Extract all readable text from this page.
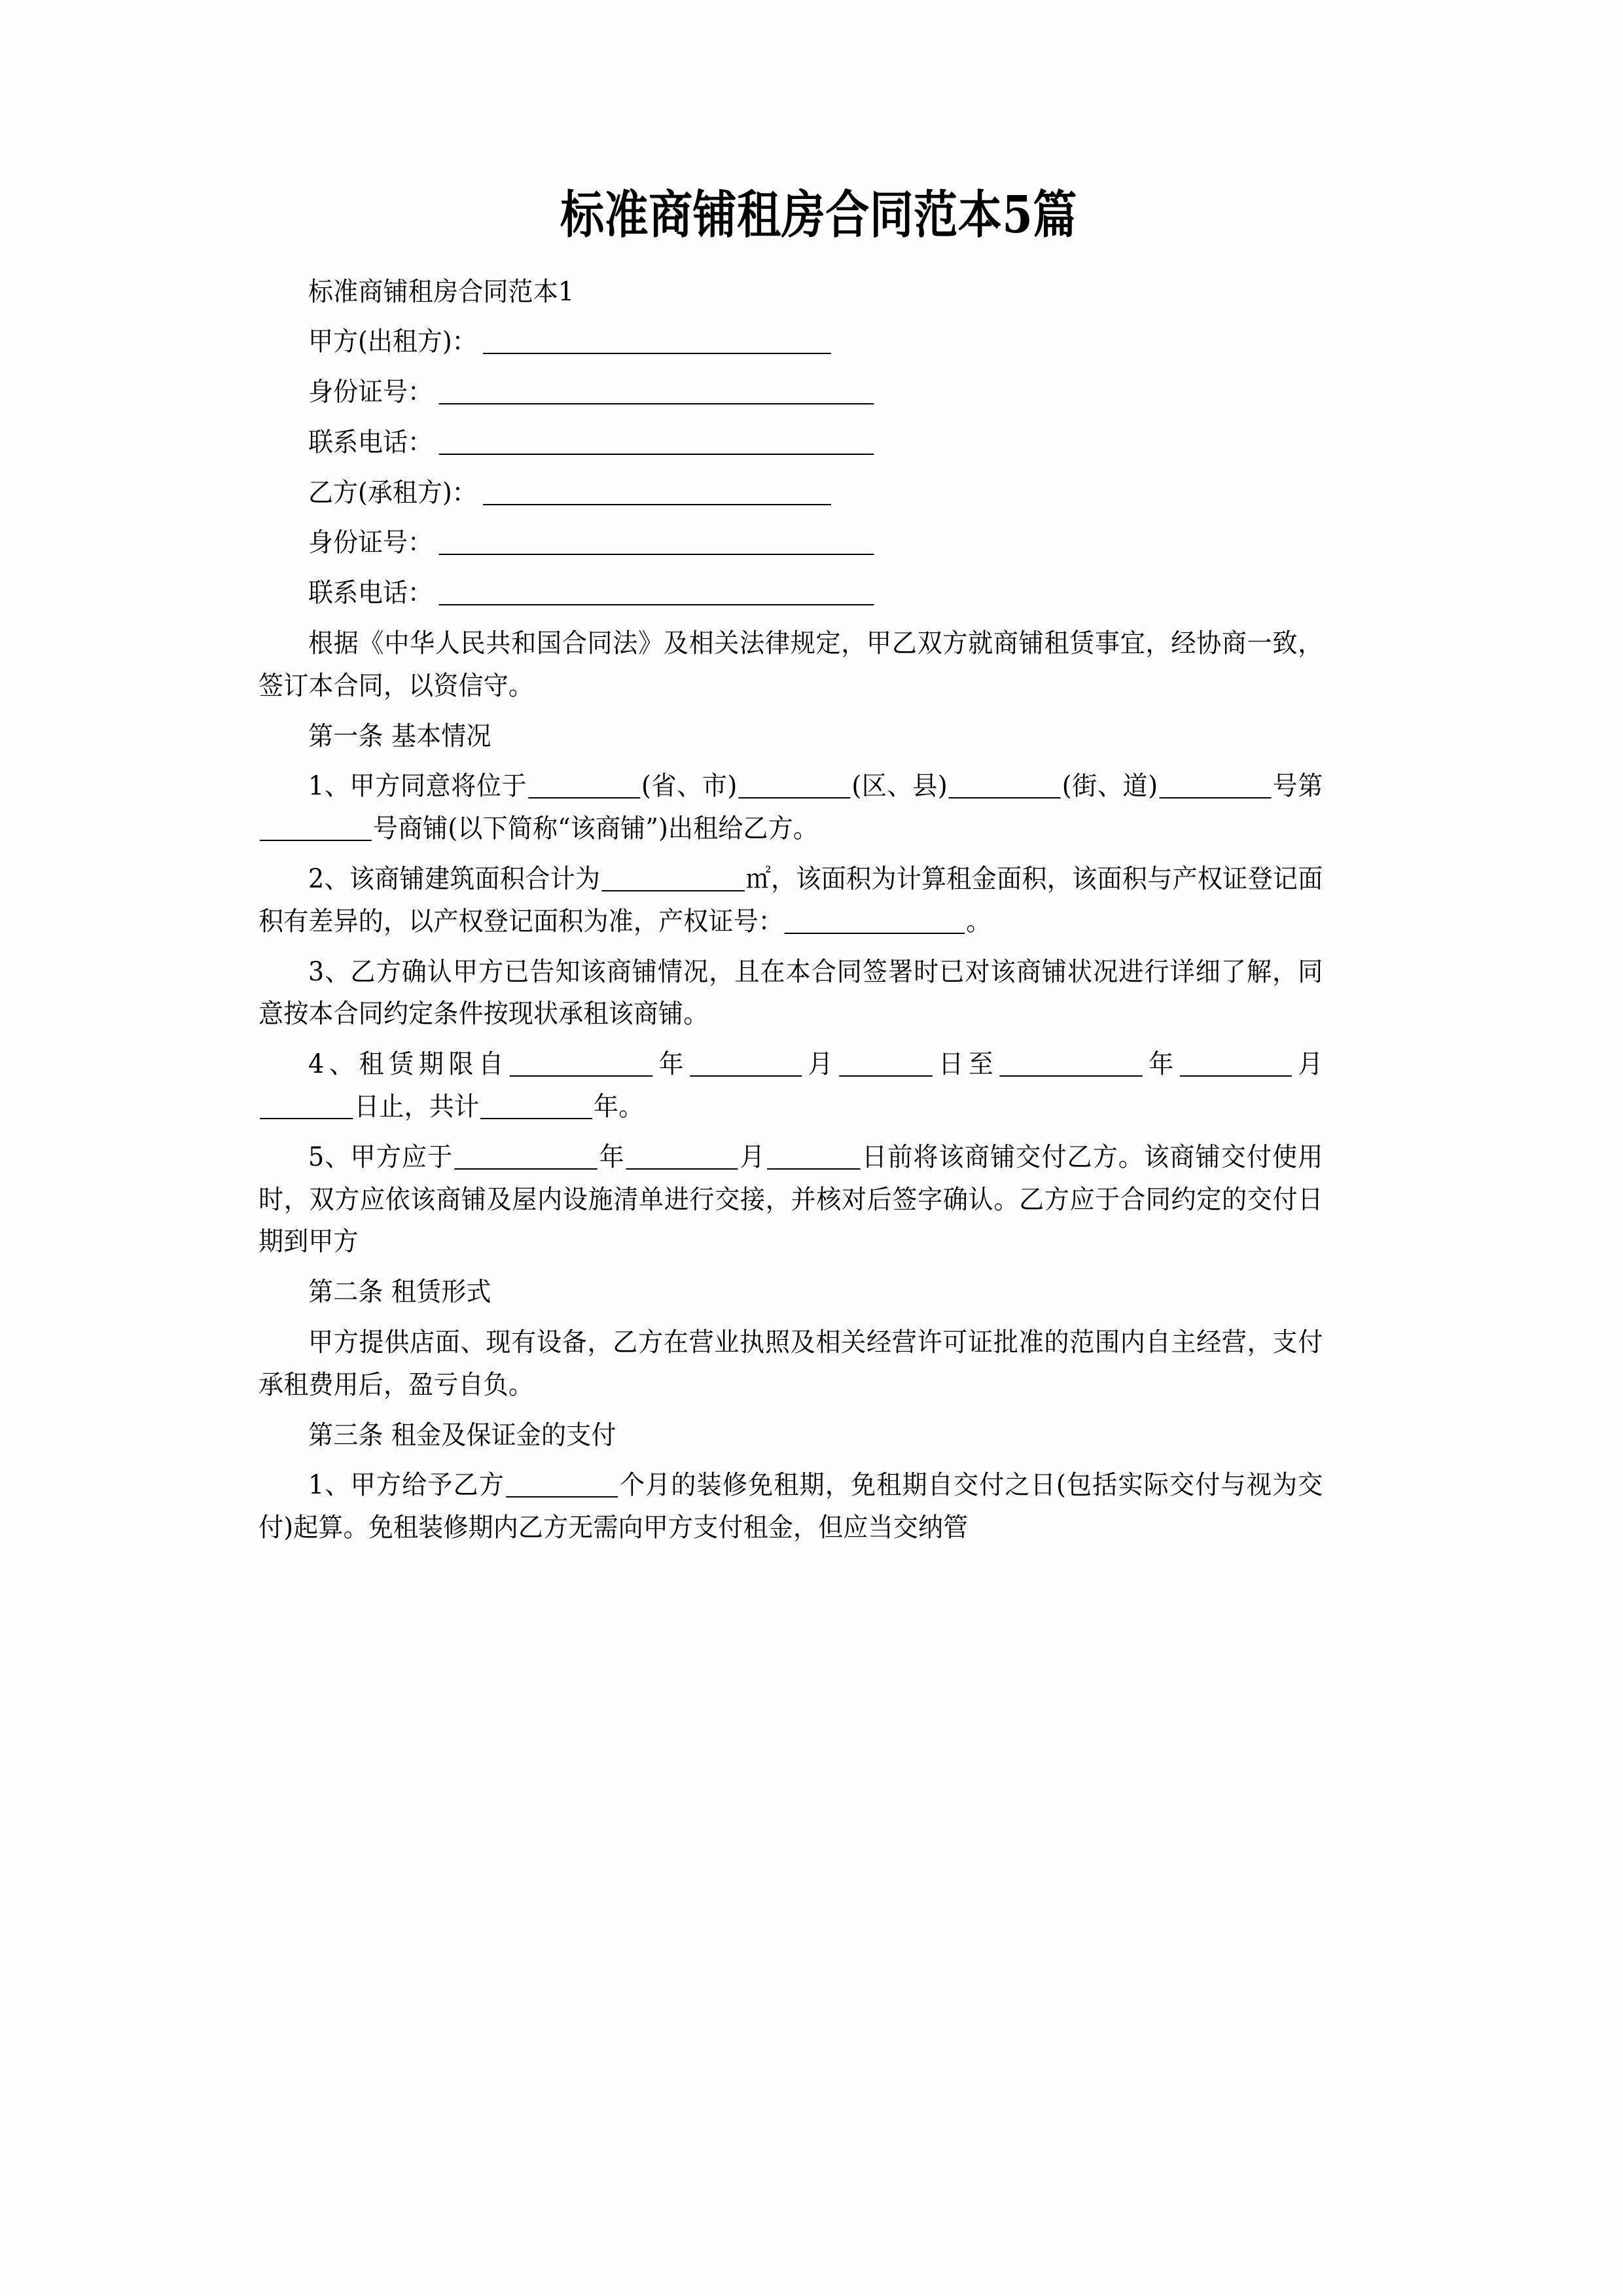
标准商铺租房合同范本5篇

标准商铺租房合同范本1

甲方(出租方)：
身份证号：
联系电话：
乙方(承租方)：
身份证号：
联系电话：

根据《中华人民共和国合同法》及相关法律规定，甲乙双方就商铺租赁事宜，经协商一致，签订本合同，以资信守。

第一条 基本情况

1、甲方同意将位于	(省、市)	(区、县)	(街、道)	号第号商铺(以下简称“该商铺”)出租给乙方。

2、该商铺建筑面积合计为	㎡，该面积为计算租金面积，该面积与产权证登记面积有差异的，以产权登记面积为准，产权证号：	。

3、乙方确认甲方已告知该商铺情况，且在本合同签署时已对该商铺状况进行详细了解，同意按本合同约定条件按现状承租该商铺。

4、租赁期限自	年	月	日至	年	月日止，共计	年。

5、甲方应于	年	月	日前将该商铺交付乙方。该商铺交付使用时，双方应依该商铺及屋内设施清单进行交接，并核对后签字确认。乙方应于合同约定的交付日期到甲方

第二条 租赁形式

甲方提供店面、现有设备，乙方在营业执照及相关经营许可证批准的范围内自主经营，支付承租费用后，盈亏自负。

第三条 租金及保证金的支付

1、甲方给予乙方	个月的装修免租期，免租期自交付之日(包括实际交付与视为交付)起算。免租装修期内乙方无需向甲方支付租金，但应当交纳管
